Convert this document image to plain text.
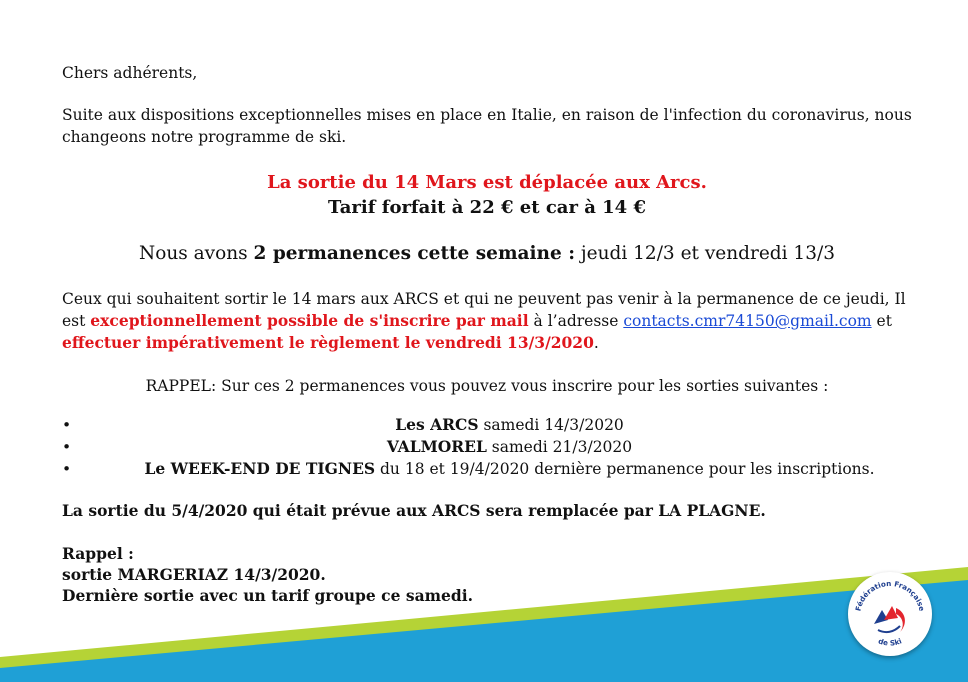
Chers adhérents,

Suite aux dispositions exceptionnelles mises en place en Italie, en raison de l'infection du coronavirus, nous changeons notre programme de ski.

La sortie du 14 Mars est déplacée aux Arcs.

Tarif forfait à 22 € et car à 14 €

Nous avons 2 permanences cette semaine : jeudi 12/3 et vendredi 13/3

Ceux qui souhaitent sortir le 14 mars aux ARCS et qui ne peuvent pas venir à la permanence de ce jeudi, Il est exceptionnellement possible de s'inscrire par mail à l’adresse contacts.cmr74150@gmail.com et effectuer impérativement le règlement le vendredi 13/3/2020.

RAPPEL: Sur ces 2 permanences vous pouvez vous inscrire pour les sorties suivantes :

• Les ARCS samedi 14/3/2020
• VALMOREL samedi 21/3/2020
• Le WEEK-END DE TIGNES du 18 et 19/4/2020 dernière permanence pour les inscriptions.

La sortie du 5/4/2020 qui était prévue aux ARCS sera remplacée par LA PLAGNE.

Rappel :

sortie MARGERIAZ 14/3/2020.

Dernière sortie avec un tarif groupe ce samedi.

Fédération Française
de Ski
